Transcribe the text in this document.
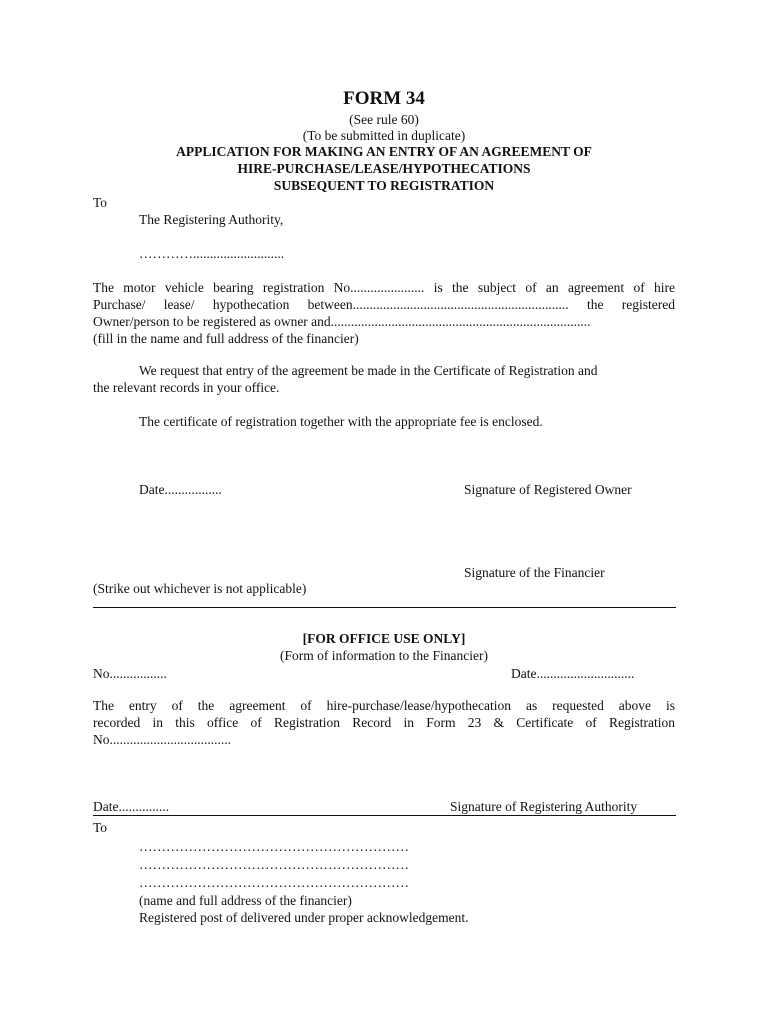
FORM 34
(See rule 60)
(To be submitted in duplicate)
APPLICATION FOR MAKING AN ENTRY OF AN AGREEMENT OF
HIRE-PURCHASE/LEASE/HYPOTHECATIONS
SUBSEQUENT TO REGISTRATION
To
The Registering Authority,
…………...........................
The motor vehicle bearing registration No...................... is the subject of an agreement of hire
Purchase/ lease/ hypothecation between................................................................ the registered
Owner/person to be registered as owner and.............................................................................
(fill in the name and full address of the financier)
We request that entry of the agreement be made in the Certificate of Registration and
the relevant records in your office.
The certificate of registration together with the appropriate fee is enclosed.
Date.................	Signature of Registered Owner
Signature of the Financier
(Strike out whichever is not applicable)
[FOR OFFICE USE ONLY]
(Form of information to the Financier)
No.................	Date.............................
The entry of the agreement of hire-purchase/lease/hypothecation as requested above is
recorded in this office of Registration Record in Form 23 & Certificate of Registration
No....................................
Date...............	Signature of Registering Authority
To
……………………………………………………
……………………………………………………
……………………………………………………
(name and full address of the financier)
Registered post of delivered under proper acknowledgement.
